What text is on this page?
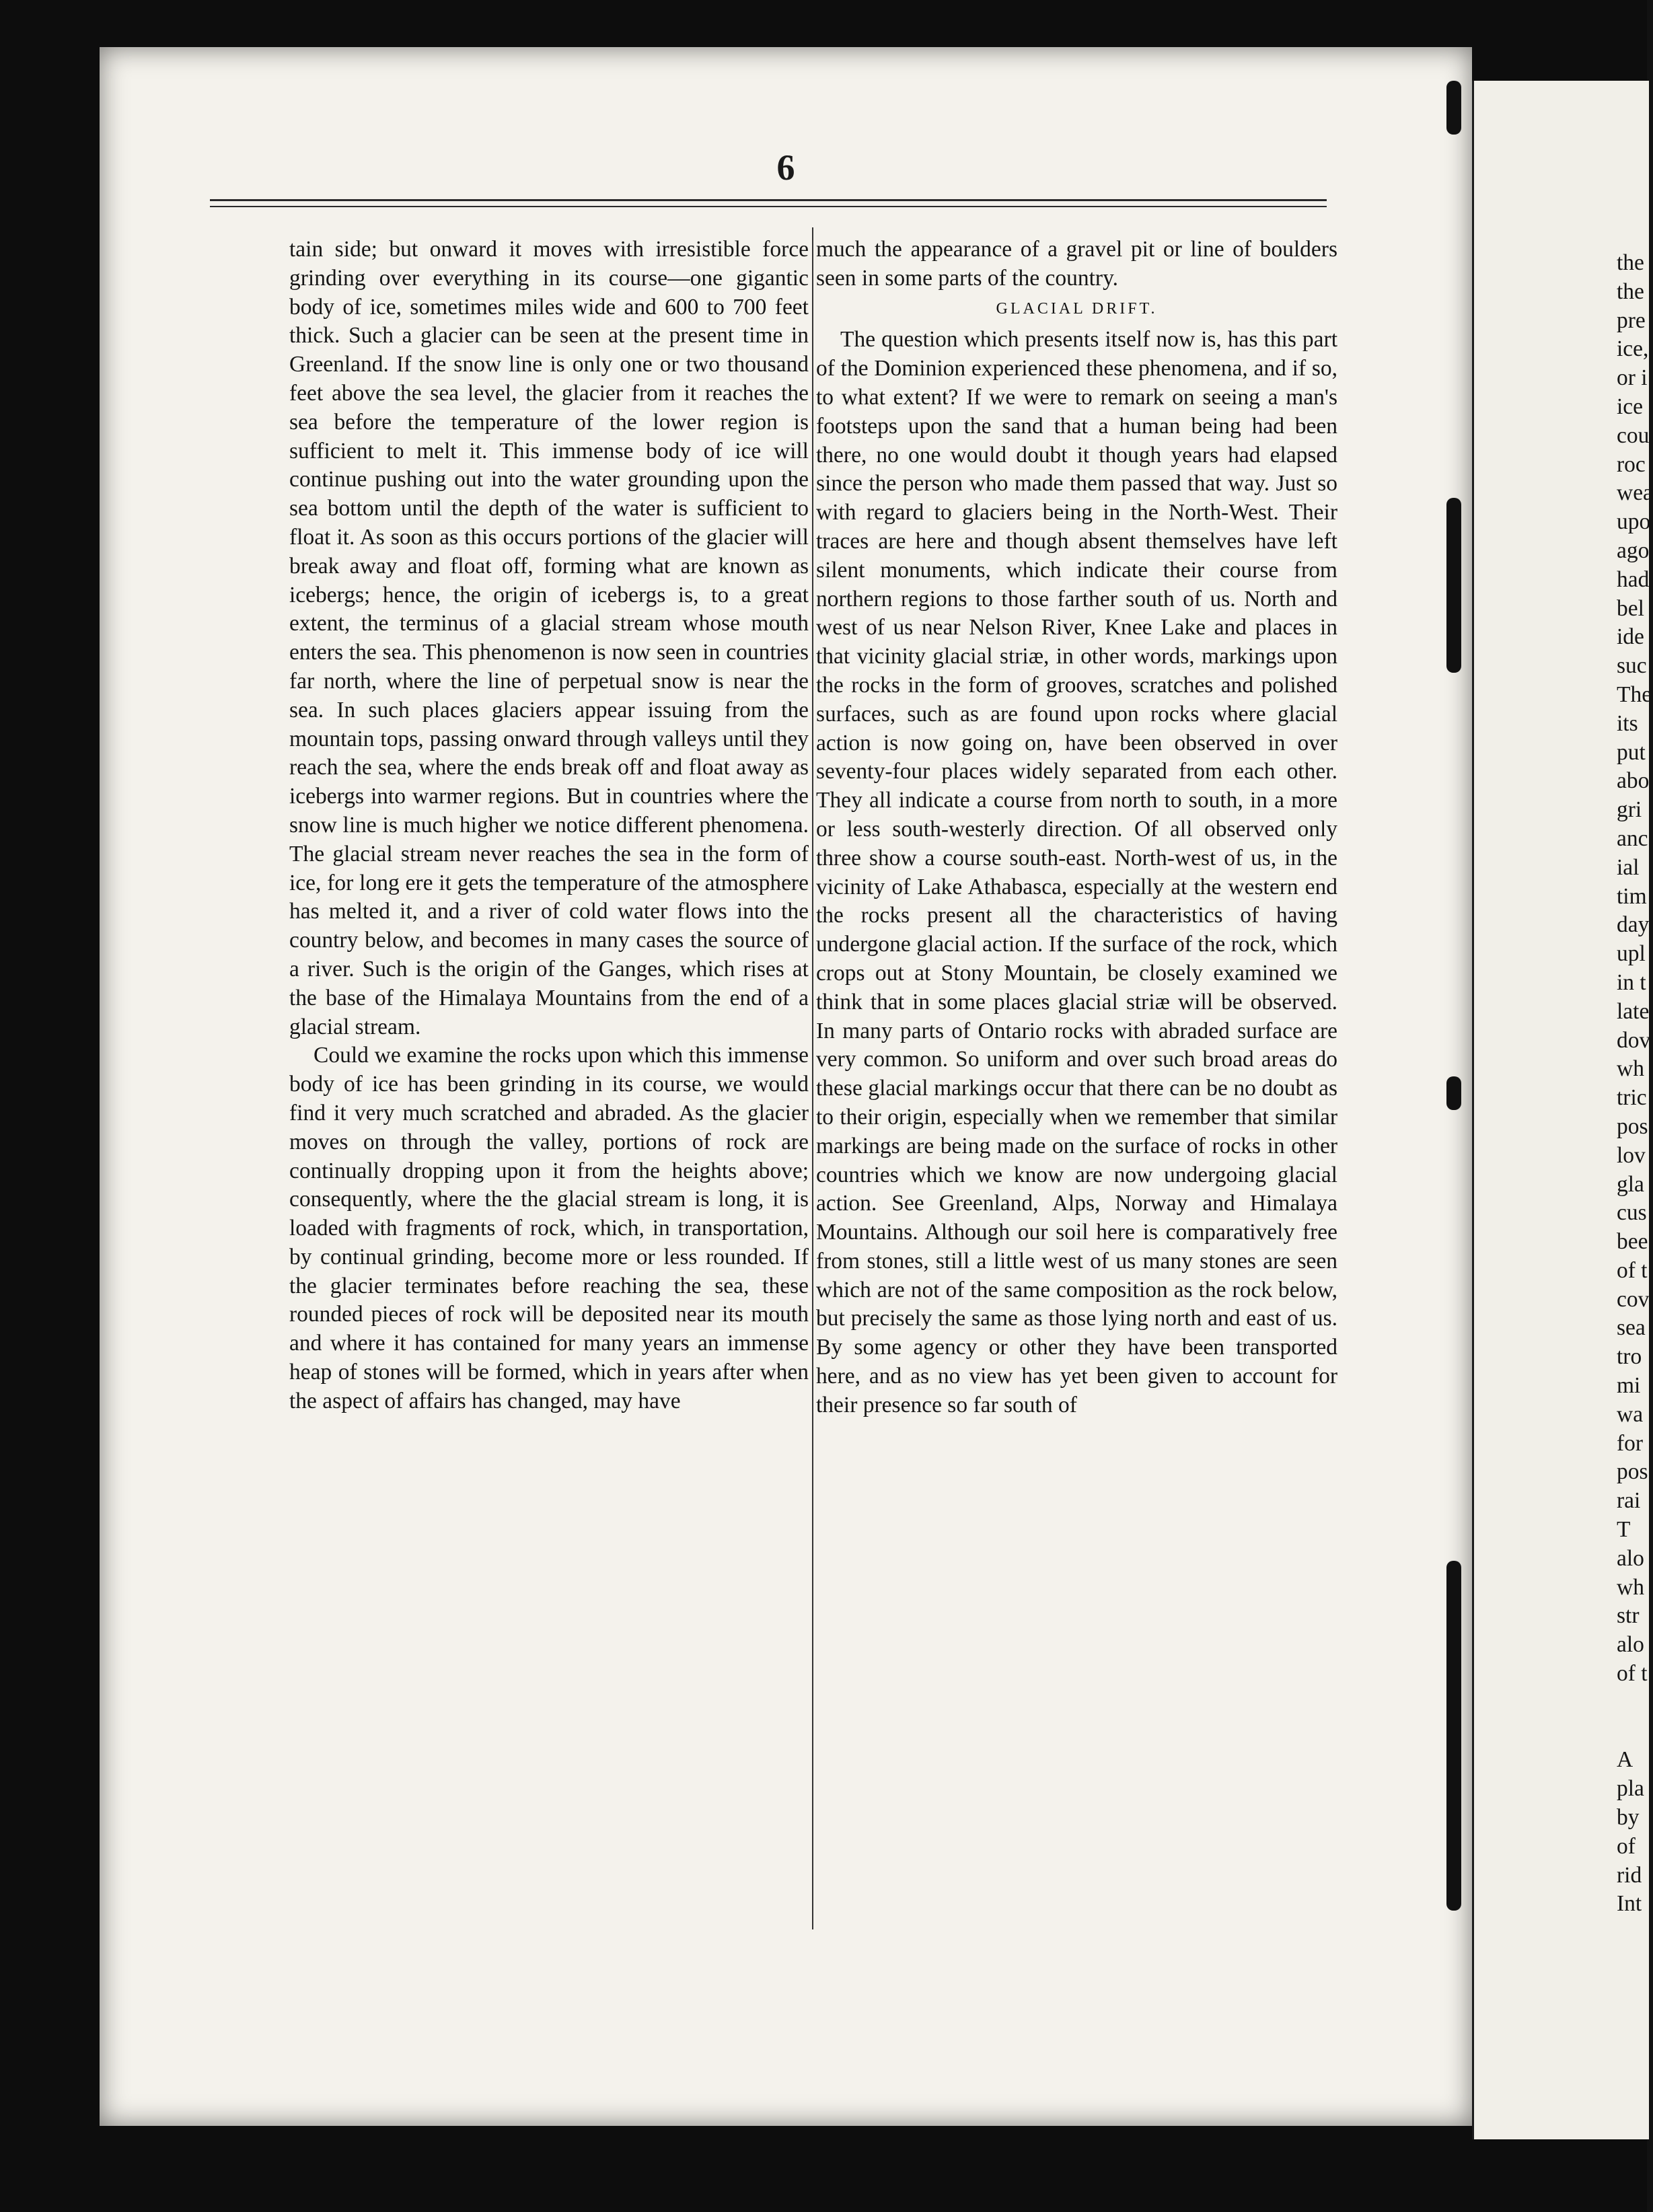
6

tain side; but onward it moves with irresistible force grinding over everything in its course—one gigantic body of ice, sometimes miles wide and 600 to 700 feet thick. Such a glacier can be seen at the present time in Greenland. If the snow line is only one or two thousand feet above the sea level, the glacier from it reaches the sea before the temperature of the lower region is sufficient to melt it. This immense body of ice will continue pushing out into the water grounding upon the sea bottom until the depth of the water is sufficient to float it. As soon as this occurs portions of the glacier will break away and float off, forming what are known as icebergs; hence, the origin of icebergs is, to a great extent, the terminus of a glacial stream whose mouth enters the sea. This phenomenon is now seen in countries far north, where the line of perpetual snow is near the sea. In such places glaciers appear issuing from the mountain tops, passing onward through valleys until they reach the sea, where the ends break off and float away as icebergs into warmer regions. But in countries where the snow line is much higher we notice different phenomena. The glacial stream never reaches the sea in the form of ice, for long ere it gets the temperature of the atmosphere has melted it, and a river of cold water flows into the country below, and becomes in many cases the source of a river. Such is the origin of the Ganges, which rises at the base of the Himalaya Mountains from the end of a glacial stream.

Could we examine the rocks upon which this immense body of ice has been grinding in its course, we would find it very much scratched and abraded. As the glacier moves on through the valley, portions of rock are continually dropping upon it from the heights above; consequently, where the the glacial stream is long, it is loaded with fragments of rock, which, in transportation, by continual grinding, become more or less rounded. If the glacier terminates before reaching the sea, these rounded pieces of rock will be deposited near its mouth and where it has contained for many years an immense heap of stones will be formed, which in years after when the aspect of affairs has changed, may have

much the appearance of a gravel pit or line of boulders seen in some parts of the country.

GLACIAL DRIFT.

The question which presents itself now is, has this part of the Dominion experienced these phenomena, and if so, to what extent? If we were to remark on seeing a man's footsteps upon the sand that a human being had been there, no one would doubt it though years had elapsed since the person who made them passed that way. Just so with regard to glaciers being in the North-West. Their traces are here and though absent themselves have left silent monuments, which indicate their course from northern regions to those farther south of us. North and west of us near Nelson River, Knee Lake and places in that vicinity glacial striæ, in other words, markings upon the rocks in the form of grooves, scratches and polished surfaces, such as are found upon rocks where glacial action is now going on, have been observed in over seventy-four places widely separated from each other. They all indicate a course from north to south, in a more or less south-westerly direction. Of all observed only three show a course south-east. North-west of us, in the vicinity of Lake Athabasca, especially at the western end the rocks present all the characteristics of having undergone glacial action. If the surface of the rock, which crops out at Stony Mountain, be closely examined we think that in some places glacial striæ will be observed. In many parts of Ontario rocks with abraded surface are very common. So uniform and over such broad areas do these glacial markings occur that there can be no doubt as to their origin, especially when we remember that similar markings are being made on the surface of rocks in other countries which we know are now undergoing glacial action. See Greenland, Alps, Norway and Himalaya Mountains. Although our soil here is comparatively free from stones, still a little west of us many stones are seen which are not of the same composition as the rock below, but precisely the same as those lying north and east of us. By some agency or other they have been transported here, and as no view has yet been given to account for their presence so far south of

the
the
pre
ice,
or i
ice
cou
roc
wea
upo
ago
had
bel
ide
suc
The
its
put
abo
gri
anc
ial
tim
day
upl
in t
late
dov
wh
tric
pos
lov
gla
cus
bee
of t
cov
sea
tro
mi
wa
for
pos
rai
T
alo
wh
str
alo
of t

A
pla
by
of
rid
Int
